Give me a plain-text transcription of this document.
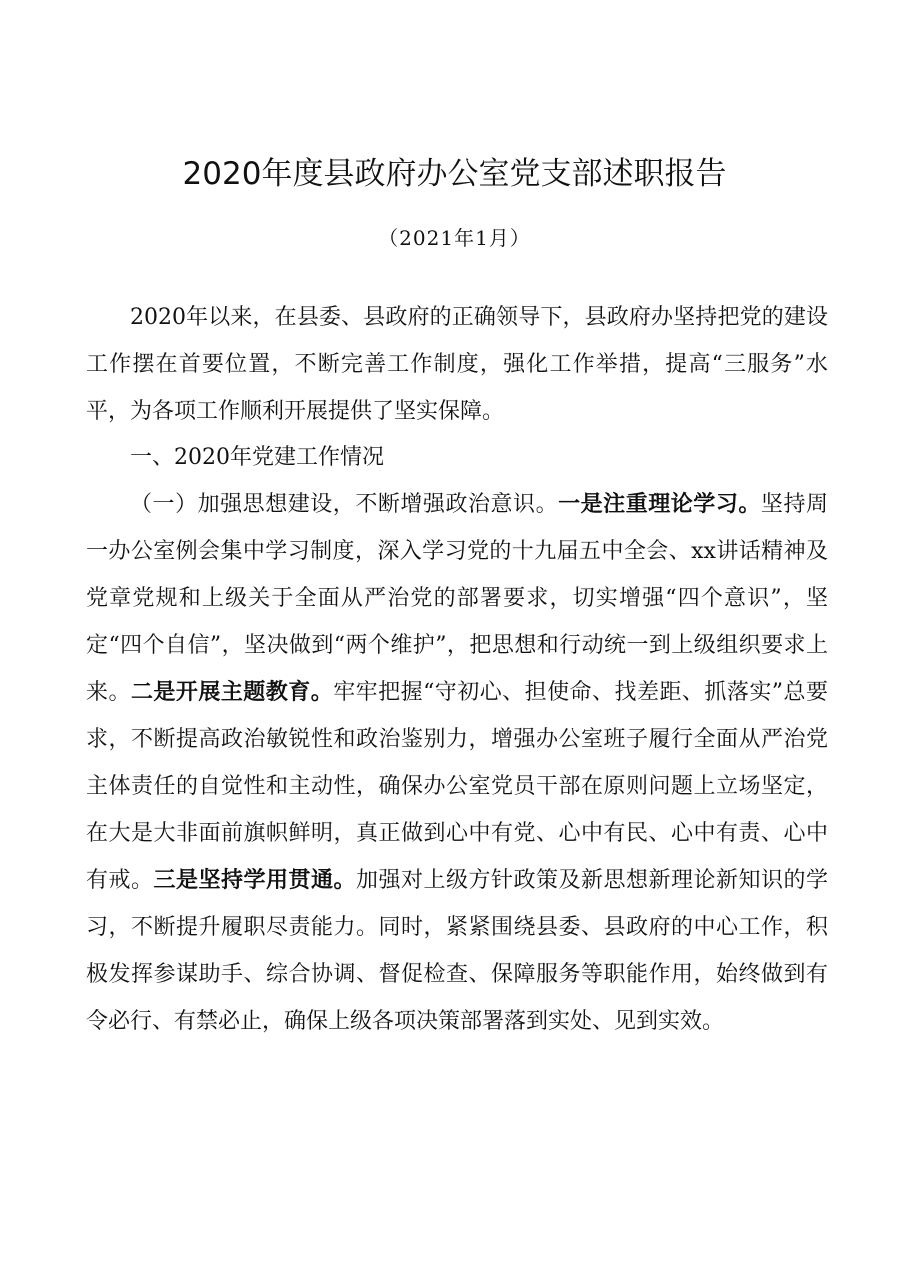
2020年度县政府办公室党支部述职报告

（2021年1月）

2020年以来，在县委、县政府的正确领导下，县政府办坚持把党的建设工作摆在首要位置，不断完善工作制度，强化工作举措，提高“三服务”水平，为各项工作顺利开展提供了坚实保障。

一、2020年党建工作情况

（一）加强思想建设，不断增强政治意识。一是注重理论学习。坚持周一办公室例会集中学习制度，深入学习党的十九届五中全会、xx讲话精神及党章党规和上级关于全面从严治党的部署要求，切实增强“四个意识”，坚定“四个自信”，坚决做到“两个维护”，把思想和行动统一到上级组织要求上来。二是开展主题教育。牢牢把握“守初心、担使命、找差距、抓落实”总要求，不断提高政治敏锐性和政治鉴别力，增强办公室班子履行全面从严治党主体责任的自觉性和主动性，确保办公室党员干部在原则问题上立场坚定，在大是大非面前旗帜鲜明，真正做到心中有党、心中有民、心中有责、心中有戒。三是坚持学用贯通。加强对上级方针政策及新思想新理论新知识的学习，不断提升履职尽责能力。同时，紧紧围绕县委、县政府的中心工作，积极发挥参谋助手、综合协调、督促检查、保障服务等职能作用，始终做到有令必行、有禁必止，确保上级各项决策部署落到实处、见到实效。
